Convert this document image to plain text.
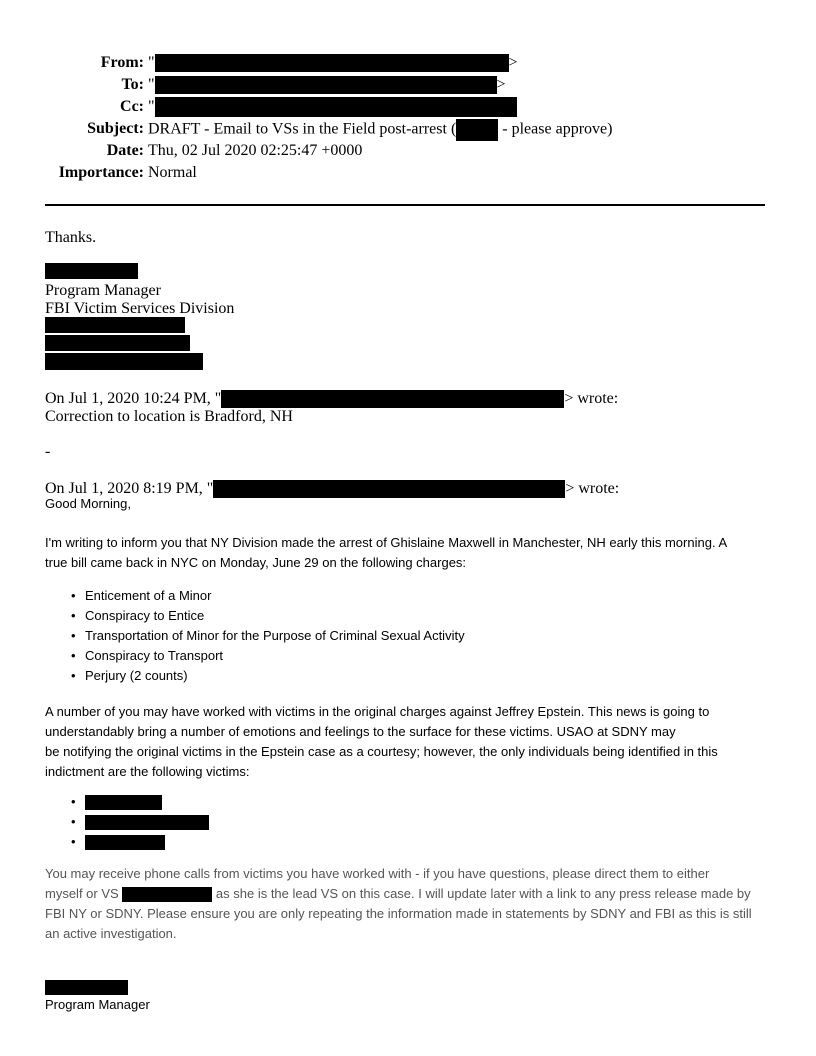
From: "	>
To: "	>
Cc: "
Subject: DRAFT - Email to VSs in the Field post-arrest (	- please approve)
Date: Thu, 02 Jul 2020 02:25:47 +0000
Importance: Normal
Thanks.
Program Manager
FBI Victim Services Division
On Jul 1, 2020 10:24 PM, "	> wrote:
Correction to location is Bradford, NH
-
On Jul 1, 2020 8:19 PM, "	> wrote:
Good Morning,
I'm writing to inform you that NY Division made the arrest of Ghislaine Maxwell in Manchester, NH early this morning. A
true bill came back in NYC on Monday, June 29 on the following charges:
• Enticement of a Minor
• Conspiracy to Entice
• Transportation of Minor for the Purpose of Criminal Sexual Activity
• Conspiracy to Transport
• Perjury (2 counts)
A number of you may have worked with victims in the original charges against Jeffrey Epstein. This news is going to
understandably bring a number of emotions and feelings to the surface for these victims. USAO at SDNY may
be notifying the original victims in the Epstein case as a courtesy; however, the only individuals being identified in this
indictment are the following victims:
•
•
•
You may receive phone calls from victims you have worked with - if you have questions, please direct them to either
myself or VS	as she is the lead VS on this case. I will update later with a link to any press release made by
FBI NY or SDNY. Please ensure you are only repeating the information made in statements by SDNY and FBI as this is still
an active investigation.
Program Manager
